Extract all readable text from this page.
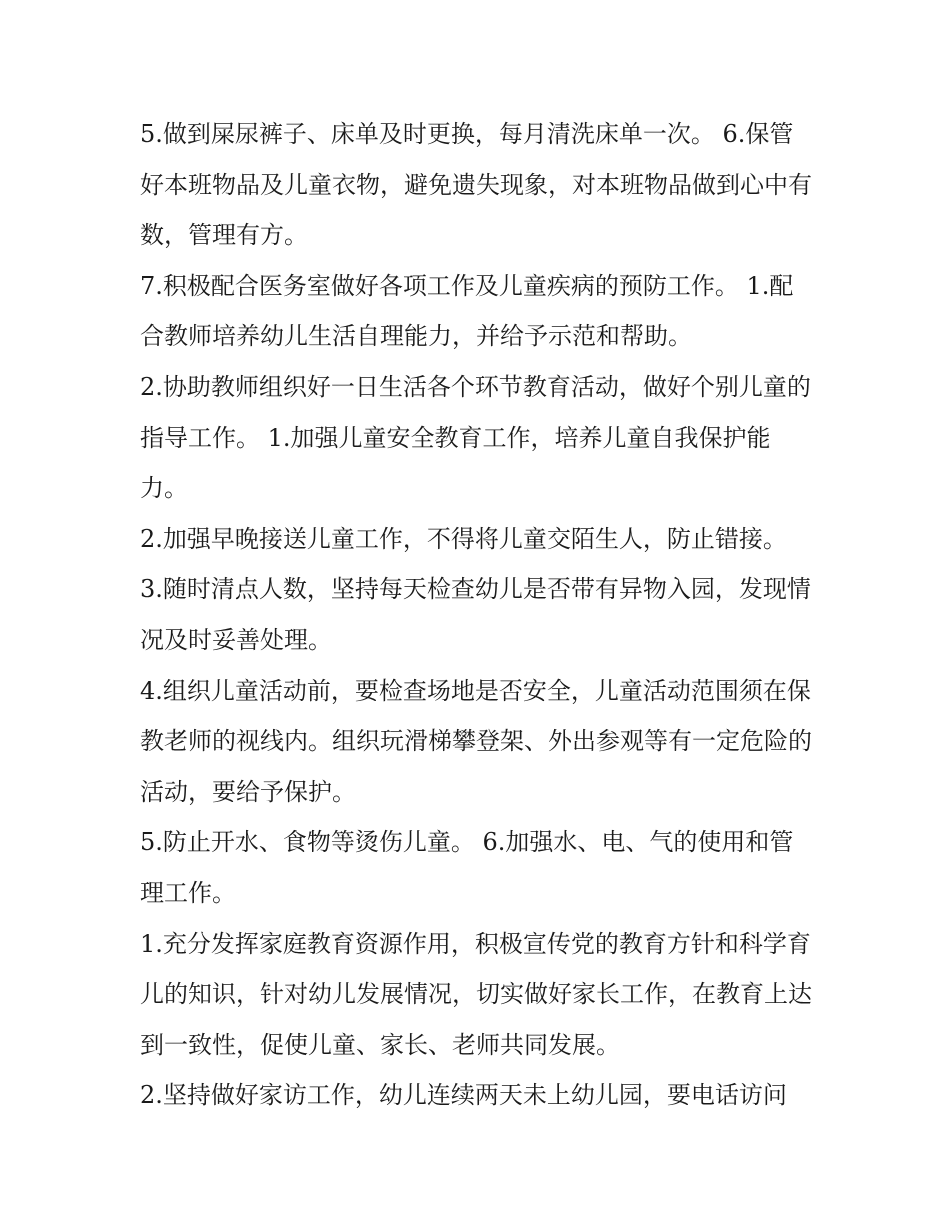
5.做到屎尿裤子、床单及时更换，每月清洗床单一次。 6.保管好本班物品及儿童衣物，避免遗失现象，对本班物品做到心中有数，管理有方。

7.积极配合医务室做好各项工作及儿童疾病的预防工作。 1.配合教师培养幼儿生活自理能力，并给予示范和帮助。

2.协助教师组织好一日生活各个环节教育活动，做好个别儿童的指导工作。 1.加强儿童安全教育工作，培养儿童自我保护能力。

2.加强早晚接送儿童工作，不得将儿童交陌生人，防止错接。

3.随时清点人数，坚持每天检查幼儿是否带有异物入园，发现情况及时妥善处理。

4.组织儿童活动前，要检查场地是否安全，儿童活动范围须在保教老师的视线内。组织玩滑梯攀登架、外出参观等有一定危险的活动，要给予保护。

5.防止开水、食物等烫伤儿童。 6.加强水、电、气的使用和管理工作。

1.充分发挥家庭教育资源作用，积极宣传党的教育方针和科学育儿的知识，针对幼儿发展情况，切实做好家长工作，在教育上达到一致性，促使儿童、家长、老师共同发展。

2.坚持做好家访工作，幼儿连续两天未上幼儿园，要电话访问
